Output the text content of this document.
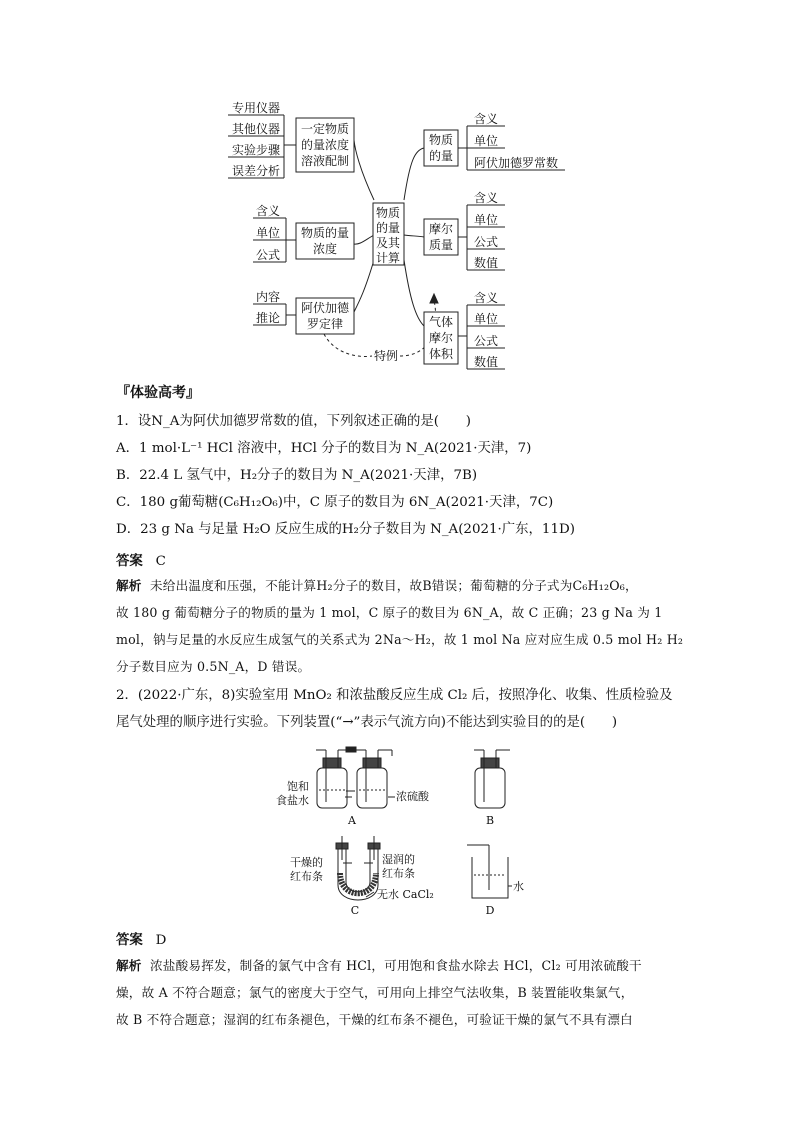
物质
的量
及其
计算
一定物质
的量浓度
溶液配制
专用仪器
其他仪器
实验步骤
误差分析
物质的量
浓度
含义
单位
公式
阿伏加德
罗定律
内容
推论
特例
物质
的量
含义
单位
阿伏加德罗常数
摩尔
质量
含义
单位
公式
数值
气体
摩尔
体积
含义
单位
公式
数值
『体验高考』
1．设N_A为阿伏加德罗常数的值，下列叙述正确的是(　　)
A．1 mol·L⁻¹ HCl 溶液中，HCl 分子的数目为 N_A(2021·天津，7)
B．22.4 L 氢气中，H₂分子的数目为 N_A(2021·天津，7B)
C．180 g葡萄糖(C₆H₁₂O₆)中，C 原子的数目为 6N_A(2021·天津，7C)
D．23 g Na 与足量 H₂O 反应生成的H₂分子数目为 N_A(2021·广东，11D)
答案 C
解析 未给出温度和压强，不能计算H₂分子的数目，故B错误；葡萄糖的分子式为C₆H₁₂O₆，
故 180 g 葡萄糖分子的物质的量为 1 mol，C 原子的数目为 6N_A，故 C 正确；23 g Na 为 1
mol，钠与足量的水反应生成氢气的关系式为 2Na～H₂，故 1 mol Na 应对应生成 0.5 mol H₂ H₂
分子数目应为 0.5N_A，D 错误。
2．(2022·广东，8)实验室用 MnO₂ 和浓盐酸反应生成 Cl₂ 后，按照净化、收集、性质检验及
尾气处理的顺序进行实验。下列装置(“→”表示气流方向)不能达到实验目的的是(　　)
饱和
食盐水	浓硫酸
A	B
干燥的
红布条
湿润的
红布条
无水 CaCl₂
C
水
D
答案 D
解析 浓盐酸易挥发，制备的氯气中含有 HCl，可用饱和食盐水除去 HCl，Cl₂ 可用浓硫酸干
燥，故 A 不符合题意；氯气的密度大于空气，可用向上排空气法收集，B 装置能收集氯气，
故 B 不符合题意；湿润的红布条褪色，干燥的红布条不褪色，可验证干燥的氯气不具有漂白
